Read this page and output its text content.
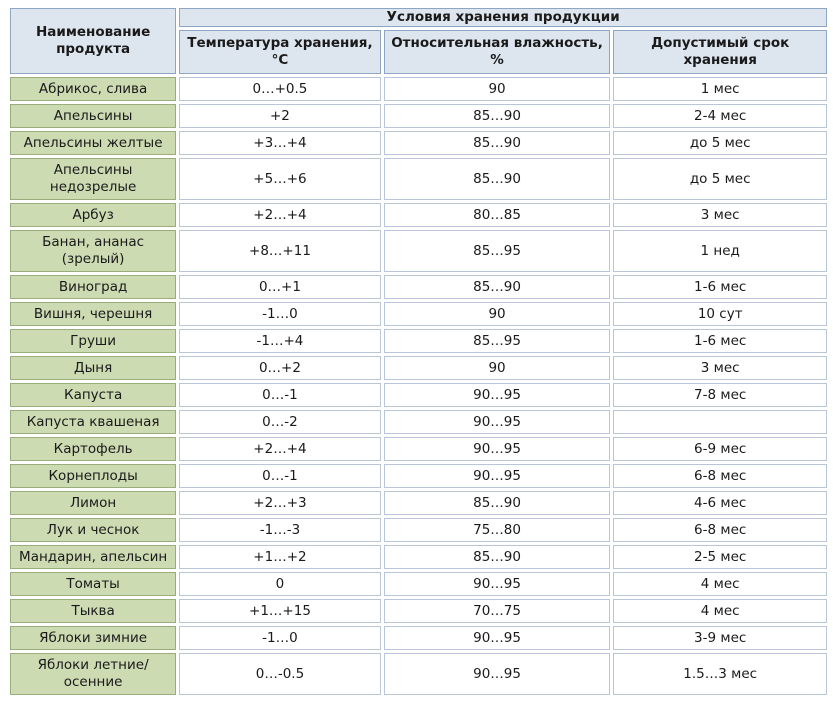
Наименование продукта	Условия хранения продукции		
	Температура хранения, °С	Относительная влажность, %	Допустимый срок хранения
Абрикос, слива	0…+0.5	90	1 мес
Апельсины	+2	85…90	2-4 мес
Апельсины желтые	+3…+4	85…90	до 5 мес
Апельсины недозрелые	+5…+6	85…90	до 5 мес
Арбуз	+2…+4	80…85	3 мес
Банан, ананас (зрелый)	+8…+11	85…95	1 нед
Виноград	0…+1	85…90	1-6 мес
Вишня, черешня	-1…0	90	10 сут
Груши	-1…+4	85…95	1-6 мес
Дыня	0…+2	90	3 мес
Капуста	0…-1	90…95	7-8 мес
Капуста квашеная	0…-2	90…95	
Картофель	+2…+4	90…95	6-9 мес
Корнеплоды	0…-1	90…95	6-8 мес
Лимон	+2…+3	85…90	4-6 мес
Лук и чеснок	-1…-3	75…80	6-8 мес
Мандарин, апельсин	+1…+2	85…90	2-5 мес
Томаты	0	90…95	4 мес
Тыква	+1…+15	70…75	4 мес
Яблоки зимние	-1…0	90…95	3-9 мес
Яблоки летние/осенние	0…-0.5	90…95	1.5…3 мес
